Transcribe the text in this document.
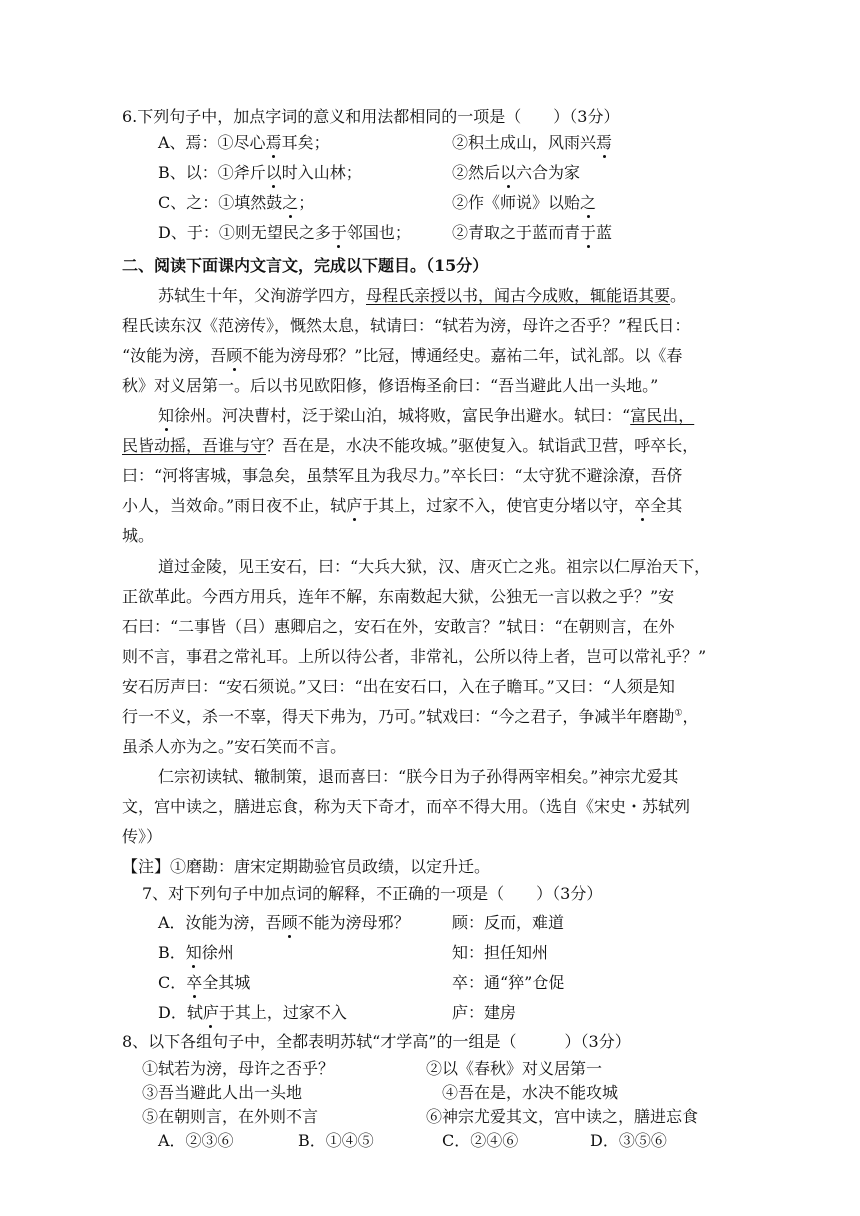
6.下列句子中，加点字词的意义和用法都相同的一项是（　　）（3分）
A、焉：①尽心焉耳矣；	②积土成山，风雨兴焉
B、以：①斧斤以时入山林；	②然后以六合为家
C、之：①填然鼓之；	②作《师说》以贻之
D、于：①则无望民之多于邻国也；	②青取之于蓝而青于蓝
二、阅读下面课内文言文，完成以下题目。（15分）
苏轼生十年，父洵游学四方，母程氏亲授以书，闻古今成败，辄能语其要。
程氏读东汉《范滂传》，慨然太息，轼请曰：“轼若为滂，母许之否乎？”程氏日：
“汝能为滂，吾顾不能为滂母邪？”比冠，博通经史。嘉祐二年，试礼部。以《春
秋》对义居第一。后以书见欧阳修，修语梅圣俞曰：“吾当避此人出一头地。”
知徐州。河决曹村，泛于梁山泊，城将败，富民争出避水。轼曰：“富民出，
民皆动摇，吾谁与守？吾在是，水决不能攻城。”驱使复入。轼诣武卫营，呼卒长，
曰：“河将害城，事急矣，虽禁军且为我尽力。”卒长曰：“太守犹不避涂潦，吾侪
小人，当效命。”雨日夜不止，轼庐于其上，过家不入，使官吏分堵以守，卒全其
城。
道过金陵，见王安石，曰：“大兵大狱，汉、唐灭亡之兆。祖宗以仁厚治天下，
正欲革此。今西方用兵，连年不解，东南数起大狱，公独无一言以救之乎？”安
石曰：“二事皆（吕）惠卿启之，安石在外，安敢言？”轼日：“在朝则言，在外
则不言，事君之常礼耳。上所以待公者，非常礼，公所以待上者，岂可以常礼乎？”
安石厉声曰：“安石须说。”又曰：“出在安石口，入在子瞻耳。”又曰：“人须是知
行一不义，杀一不辜，得天下弗为，乃可。”轼戏曰：“今之君子，争减半年磨勘①，
虽杀人亦为之。”安石笑而不言。
仁宗初读轼、辙制策，退而喜曰：“朕今日为子孙得两宰相矣。”神宗尤爱其
文，宫中读之，膳进忘食，称为天下奇才，而卒不得大用。（选自《宋史・苏轼列
传》）
【注】①磨勘：唐宋定期勘验官员政绩，以定升迁。
7、对下列句子中加点词的解释，不正确的一项是（　　）（3分）
A．汝能为滂，吾顾不能为滂母邪？	顾：反而，难道
B．知徐州	知：担任知州
C．卒全其城	卒：通“猝”仓促
D．轼庐于其上，过家不入	庐：建房
8、以下各组句子中，全都表明苏轼“才学高”的一组是（　　　）（3分）
①轼若为滂，母许之否乎？	②以《春秋》对义居第一
③吾当避此人出一头地	④吾在是，水决不能攻城
⑤在朝则言，在外则不言	⑥神宗尤爱其文，宫中读之，膳进忘食
A．②③⑥	B．①④⑤	C．②④⑥	D．③⑤⑥
